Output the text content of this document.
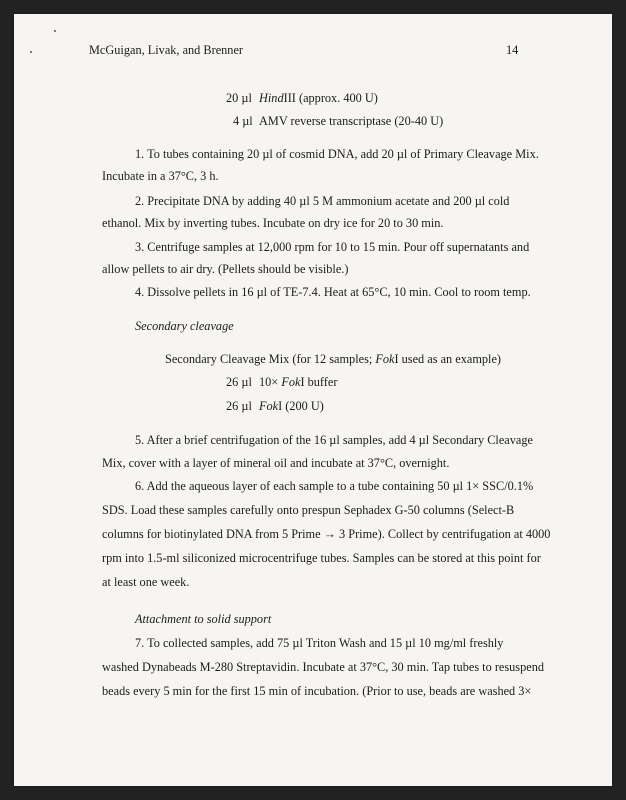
McGuigan, Livak, and Brenner	14
20 µl HindIII (approx. 400 U)
4 µl AMV reverse transcriptase (20-40 U)
1. To tubes containing 20 µl of cosmid DNA, add 20 µl of Primary Cleavage Mix.
Incubate in a 37°C, 3 h.
2. Precipitate DNA by adding 40 µl 5 M ammonium acetate and 200 µl cold
ethanol. Mix by inverting tubes. Incubate on dry ice for 20 to 30 min.
3. Centrifuge samples at 12,000 rpm for 10 to 15 min. Pour off supernatants and
allow pellets to air dry. (Pellets should be visible.)
4. Dissolve pellets in 16 µl of TE-7.4. Heat at 65°C, 10 min. Cool to room temp.
Secondary cleavage
Secondary Cleavage Mix (for 12 samples; FokI used as an example)
26 µl 10× FokI buffer
26 µl FokI (200 U)
5. After a brief centrifugation of the 16 µl samples, add 4 µl Secondary Cleavage
Mix, cover with a layer of mineral oil and incubate at 37°C, overnight.
6. Add the aqueous layer of each sample to a tube containing 50 µl 1× SSC/0.1%
SDS. Load these samples carefully onto prespun Sephadex G-50 columns (Select-B
columns for biotinylated DNA from 5 Prime → 3 Prime). Collect by centrifugation at 4000
rpm into 1.5-ml siliconized microcentrifuge tubes. Samples can be stored at this point for
at least one week.
Attachment to solid support
7. To collected samples, add 75 µl Triton Wash and 15 µl 10 mg/ml freshly
washed Dynabeads M-280 Streptavidin. Incubate at 37°C, 30 min. Tap tubes to resuspend
beads every 5 min for the first 15 min of incubation. (Prior to use, beads are washed 3×
